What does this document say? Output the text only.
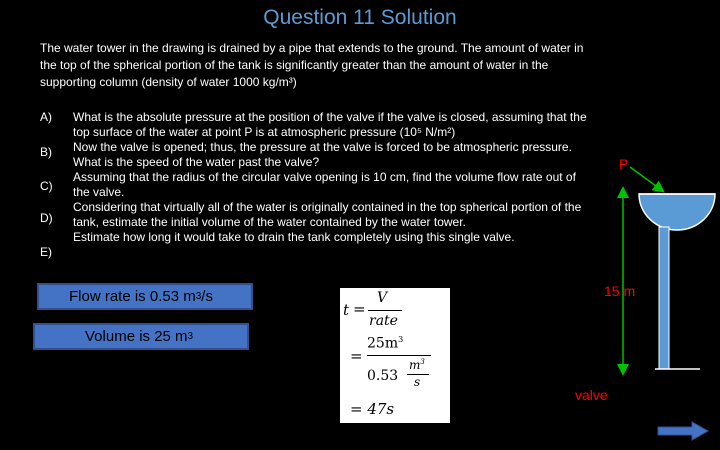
Question 11 Solution
The water tower in the drawing is drained by a pipe that extends to the ground. The amount of water in the top of the spherical portion of the tank is significantly greater than the amount of water in the supporting column (density of water 1000 kg/m³)
A)
B)
C)
D)
E)

What is the absolute pressure at the position of the valve if the valve is closed, assuming that the top surface of the water at point P is at atmospheric pressure (10⁵ N/m²)

Now the valve is opened; thus, the pressure at the valve is forced to be atmospheric pressure. What is the speed of the water past the valve?

Assuming that the radius of the circular valve opening is 10 cm, find the volume flow rate out of the valve.

Considering that virtually all of the water is originally contained in the top spherical portion of the tank, estimate the initial volume of the water contained by the water tower.

Estimate how long it would take to drain the tank completely using this single valve.

Flow rate is 0.53 m 3 /s
Volume is 25 m 3
t =
V
rate
=
$25m^3$
0.53
$m^3$
s
= 47s
P
15 m
valve
